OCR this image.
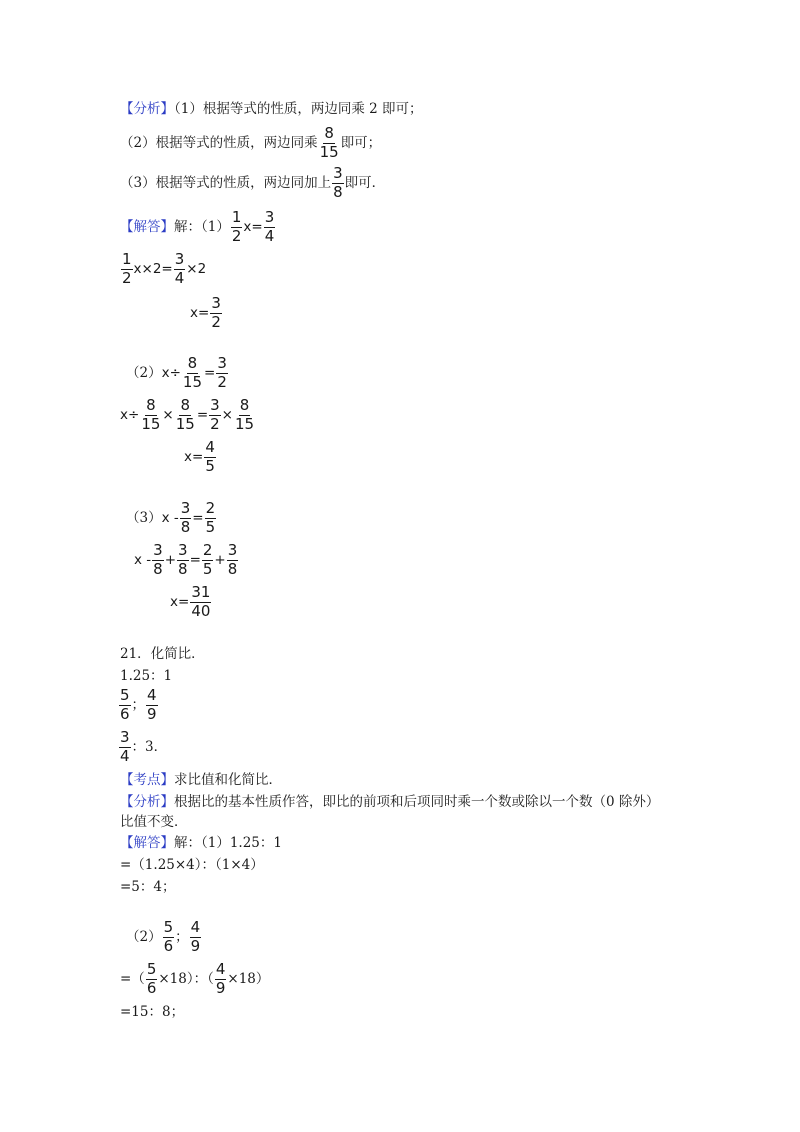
【分析】（1）根据等式的性质，两边同乘 2 即可；
（2）根据等式的性质，两边同乘 $\frac{8}{15}$ 即可；
（3）根据等式的性质，两边同加上 $\frac{3}{8}$ 即可．
【解答】解：$(1) \frac{1}{2} x= \frac{3}{4}$
$\frac{1}{2} x\times 2= \frac{3}{4} \times 2$
$x= \frac{3}{2}$
$(2)x\div \frac{8}{15} = \frac{3}{2}$
$x\div \frac{8}{15} \times \frac{8}{15} = \frac{3}{2} \times \frac{8}{15}$
$x= \frac{4}{5}$
$(3)x - \frac{3}{8} = \frac{2}{5}$
$x - \frac{3}{8} + \frac{3}{8} = \frac{2}{5} + \frac{3}{8}$
$x= \frac{31}{40}$
21．化简比．
1.25：1
$\frac{5}{6}$ ； $\frac{4}{9}$
$\frac{3}{4}$ ：3．
【考点】求比值和化简比．
【分析】根据比的基本性质作答，即比的前项和后项同时乘一个数或除以一个数（0 除外）
比值不变．
【解答】解：（1）1.25：1
=（1.25×4）：（1×4）
=5：4；
$(2) \frac{5}{6}$ ； $\frac{4}{9}$
=（ $\frac{5}{6} \times 18$）：（ $\frac{4}{9} \times 18$）
=15：8；
